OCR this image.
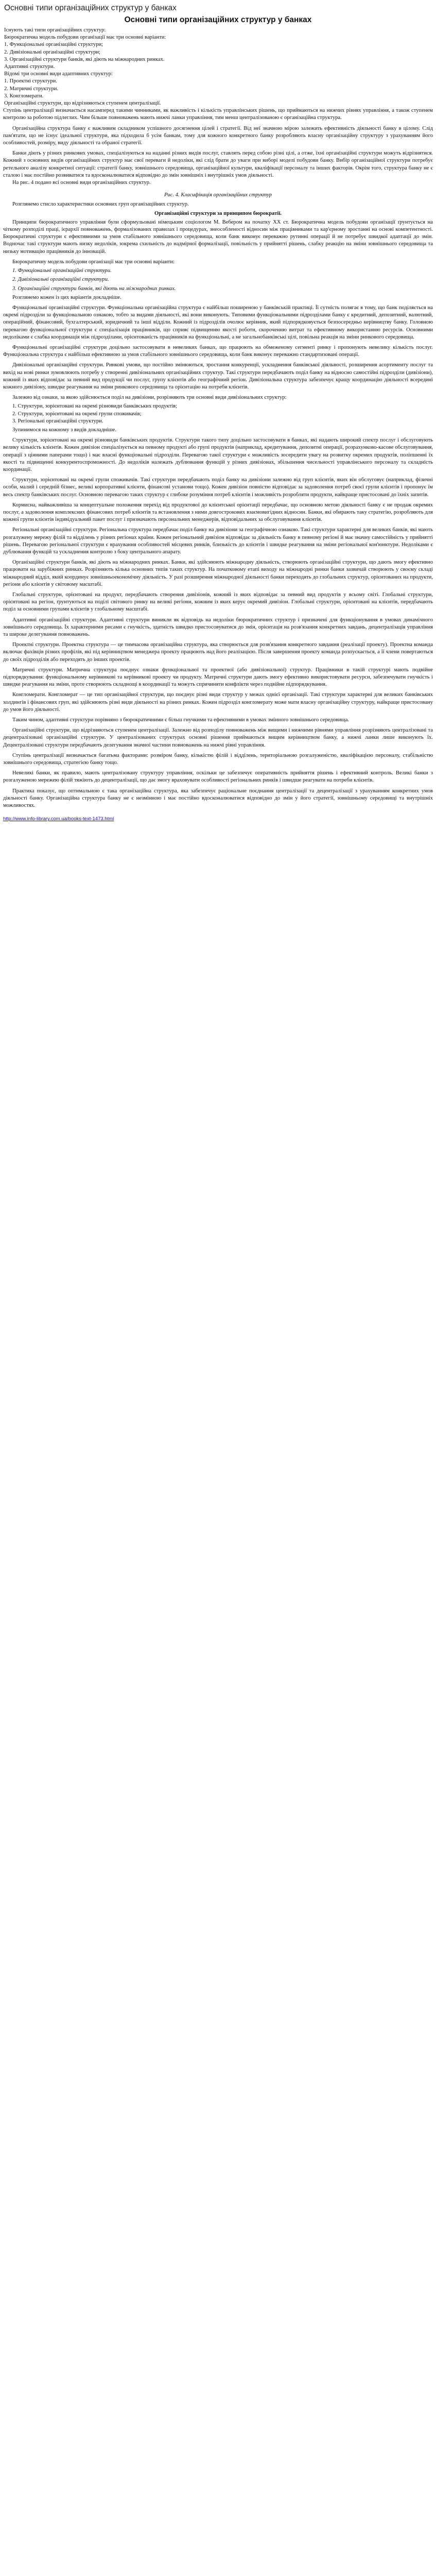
Основні типи організаційних структур у банках
Основні типи організаційних структур у банках

Існують такі типи організаційних структур:

Бюрократична модель побудови організації має три основні варіанти:

1. Функціональні організаційні структури;

2. Дивізіональні організаційні структури;

3. Організаційні структури банків, які діють на міжнародних ринках.

Адаптивні структури.

Відомі три основні види адаптивних структур:

1. Проектні структури.

2. Матричні структури.

3. Конгломерати.

Організаційні структури, що відрізняються ступенем централізації.

Ступінь централізації визначається насамперед такими чинниками, як важливість і кількість управлінських рішень, що приймаються на нижчих рівнях управління, а також ступенем контролю за роботою підлеглих. Чим більше повноважень мають нижчі ланки управління, тим менш централізованою є організаційна структура.

Організаційна структура банку є важливим складником успішного досягнення цілей і стратегії. Від неї значною мірою залежить ефективність діяльності банку в цілому. Слід пам'ятати, що не існує ідеальної структури, яка підходила б усім банкам, тому для кожного конкретного банку розробляють власну організаційну структуру з урахуванням його особливостей, розміру, виду діяльності та обраної стратегії.

Банки діють у різних ринкових умовах, спеціалізуються на наданні різних видів послуг, ставлять перед собою різні цілі, а отже, їхні організаційні структури можуть відрізнятися. Кожний з основних видів організаційних структур має свої переваги й недоліки, які слід брати до уваги при виборі моделі побудови банку. Вибір організаційної структури потребує ретельного аналізу конкретної ситуації: стратегії банку, зовнішнього середовища, організаційної культури, кваліфікації персоналу та інших факторів. Окрім того, структура банку не є сталою і має постійно розвиватися та вдосконалюватися відповідно до змін зовнішніх і внутрішніх умов діяльності.

На рис. 4 подано всі основні види організаційних структур.

Рис. 4. Класифікація організаційних структур

Розглянемо стисло характеристики основних груп організаційних структур.

Організаційні структури за принципом бюрократії.

Принципи бюрократичного управління були сформульовані німецьким соціологом М. Вебером на початку XX ст. Бюрократична модель побудови організації ґрунтується на чіткому розподілі праці, ієрархії повноважень, формалізованих правилах і процедурах, знеособленості відносин між працівниками та кар'єрному зростанні на основі компетентності. Бюрократичні структури є ефективними за умов стабільного зовнішнього середовища, коли банк виконує переважно рутинні операції й не потребує швидкої адаптації до змін. Водночас такі структури мають низку недоліків, зокрема схильність до надмірної формалізації, повільність у прийнятті рішень, слабку реакцію на зміни зовнішнього середовища та низьку мотивацію працівників до інновацій.

Бюрократичну модель побудови організації має три основні варіанти:

1. Функціональні організаційні структури.

2. Дивізіональні організаційні структури.

3. Організаційні структури банків, які діють на міжнародних ринках.

Розглянемо кожен із цих варіантів докладніше.

Функціональні організаційні структури. Функціональна організаційна структура є найбільш поширеною у банківській практиці. Її сутність полягає в тому, що банк поділяється на окремі підрозділи за функціональною ознакою, тобто за видами діяльності, які вони виконують. Типовими функціональними підрозділами банку є кредитний, депозитний, валютний, операційний, фінансовий, бухгалтерський, юридичний та інші відділи. Кожний із підрозділів очолює керівник, який підпорядковується безпосередньо керівництву банку. Головною перевагою функціональної структури є спеціалізація працівників, що сприяє підвищенню якості роботи, скороченню витрат та ефективному використанню ресурсів. Основними недоліками є слабка координація між підрозділами, орієнтованість працівників на функціональні, а не загальнобанківські цілі, повільна реакція на зміни ринкового середовища.

Функціональні організаційні структури доцільно застосовувати в невеликих банках, що працюють на обмеженому сегменті ринку і пропонують невелику кількість послуг. Функціональна структура є найбільш ефективною за умов стабільного зовнішнього середовища, коли банк виконує переважно стандартизовані операції.

Дивізіональні організаційні структури. Ринкові умови, що постійно змінюються, зростання конкуренції, ускладнення банківської діяльності, розширення асортименту послуг та вихід на нові ринки зумовлюють потребу у створенні дивізіональних організаційних структур. Такі структури передбачають поділ банку на відносно самостійні підрозділи (дивізіони), кожний із яких відповідає за певний вид продукції чи послуг, групу клієнтів або географічний регіон. Дивізіональна структура забезпечує кращу координацію діяльності всередині кожного дивізіону, швидке реагування на зміни ринкового середовища та орієнтацію на потреби клієнтів.

Залежно від ознаки, за якою здійснюється поділ на дивізіони, розрізняють три основні види дивізіональних структур:

1. Структури, зорієнтовані на окремі різновиди банківських продуктів;

2. Структури, зорієнтовані на окремі групи споживачів;

3. Регіональні організаційні структури.

Зупинимося на кожному з видів докладніше.

Структури, зорієнтовані на окремі різновиди банківських продуктів. Структури такого типу доцільно застосовувати в банках, які надають широкий спектр послуг і обслуговують велику кількість клієнтів. Кожен дивізіон спеціалізується на певному продукті або групі продуктів (наприклад, кредитування, депозитні операції, розрахунково-касове обслуговування, операції з цінними паперами тощо) і має власні функціональні підрозділи. Перевагою такої структури є можливість зосередити увагу на розвитку окремих продуктів, поліпшенні їх якості та підвищенні конкурентоспроможності. До недоліків належать дублювання функцій у різних дивізіонах, збільшення чисельності управлінського персоналу та складність координації.

Структури, зорієнтовані на окремі групи споживачів. Такі структури передбачають поділ банку на дивізіони залежно від груп клієнтів, яких він обслуговує (наприклад, фізичні особи, малий і середній бізнес, великі корпоративні клієнти, фінансові установи тощо). Кожен дивізіон повністю відповідає за задоволення потреб своєї групи клієнтів і пропонує їм весь спектр банківських послуг. Основною перевагою таких структур є глибоке розуміння потреб клієнтів і можливість розробляти продукти, найкраще пристосовані до їхніх запитів.

Кормисна, найважливіша за концептуальне положення перехід від продуктової до клієнтської орієнтації передбачає, що основною метою діяльності банку є не продаж окремих послуг, а задоволення комплексних фінансових потреб клієнтів та встановлення з ними довгострокових взаємовигідних відносин. Банки, які обирають таку стратегію, розробляють для кожної групи клієнтів індивідуальний пакет послуг і призначають персональних менеджерів, відповідальних за обслуговування клієнтів.

Регіональні організаційні структури. Регіональна структура передбачає поділ банку на дивізіони за географічною ознакою. Такі структури характерні для великих банків, які мають розгалужену мережу філій та відділень у різних регіонах країни. Кожен регіональний дивізіон відповідає за діяльність банку в певному регіоні й має значну самостійність у прийнятті рішень. Перевагою регіональної структури є врахування особливостей місцевих ринків, близькість до клієнтів і швидке реагування на зміни регіональної кон'юнктури. Недоліками є дублювання функцій та ускладнення контролю з боку центрального апарату.

Організаційні структури банків, які діють на міжнародних ринках. Банки, які здійснюють міжнародну діяльність, створюють організаційні структури, що дають змогу ефективно працювати на зарубіжних ринках. Розрізняють кілька основних типів таких структур. На початковому етапі виходу на міжнародні ринки банки зазвичай створюють у своєму складі міжнародний відділ, який координує зовнішньоекономічну діяльність. У разі розширення міжнародної діяльності банки переходять до глобальних структур, орієнтованих на продукти, регіони або клієнтів у світовому масштабі.

Глобальні структури, орієнтовані на продукт, передбачають створення дивізіонів, кожний із яких відповідає за певний вид продуктів у всьому світі. Глобальні структури, орієнтовані на регіон, ґрунтуються на поділі світового ринку на великі регіони, кожним із яких керує окремий дивізіон. Глобальні структури, орієнтовані на клієнтів, передбачають поділ за основними групами клієнтів у глобальному масштабі.

Адаптивні організаційні структури. Адаптивні структури виникли як відповідь на недоліки бюрократичних структур і призначені для функціонування в умовах динамічного зовнішнього середовища. Їх характерними рисами є гнучкість, здатність швидко пристосовуватися до змін, орієнтація на розв'язання конкретних завдань, децентралізація управління та широке делегування повноважень.

Проектні структури. Проектна структура — це тимчасова організаційна структура, яка створюється для розв'язання конкретного завдання (реалізації проекту). Проектна команда включає фахівців різних профілів, які під керівництвом менеджера проекту працюють над його реалізацією. Після завершення проекту команда розпускається, а її члени повертаються до своїх підрозділів або переходять до інших проектів.

Матричні структури. Матрична структура поєднує ознаки функціональної та проектної (або дивізіональної) структур. Працівники в такій структурі мають подвійне підпорядкування: функціональному керівникові та керівникові проекту чи продукту. Матричні структури дають змогу ефективно використовувати ресурси, забезпечувати гнучкість і швидке реагування на зміни, проте створюють складнощі в координації та можуть спричиняти конфлікти через подвійне підпорядкування.

Конгломерати. Конгломерат — це тип організаційної структури, що поєднує різні види структур у межах однієї організації. Такі структури характерні для великих банківських холдингів і фінансових груп, які здійснюють різні види діяльності на різних ринках. Кожен підрозділ конгломерату може мати власну організаційну структуру, найкраще пристосовану до умов його діяльності.

Таким чином, адаптивні структури порівняно з бюрократичними є більш гнучкими та ефективними в умовах змінного зовнішнього середовища.

Організаційні структури, що відрізняються ступенем централізації. Залежно від розподілу повноважень між вищими і нижчими рівнями управління розрізняють централізовані та децентралізовані організаційні структури. У централізованих структурах основні рішення приймаються вищим керівництвом банку, а нижчі ланки лише виконують їх. Децентралізовані структури передбачають делегування значної частини повноважень на нижчі рівні управління.

Ступінь централізації визначається багатьма факторами: розміром банку, кількістю філій і відділень, територіальною розгалуженістю, кваліфікацією персоналу, стабільністю зовнішнього середовища, стратегією банку тощо.

Невеликі банки, як правило, мають централізовану структуру управління, оскільки це забезпечує оперативність прийняття рішень і ефективний контроль. Великі банки з розгалуженою мережею філій тяжіють до децентралізації, що дає змогу враховувати особливості регіональних ринків і швидше реагувати на потреби клієнтів.

Практика показує, що оптимальною є така організаційна структура, яка забезпечує раціональне поєднання централізації та децентралізації з урахуванням конкретних умов діяльності банку. Організаційна структура банку не є незмінною і має постійно вдосконалюватися відповідно до змін у його стратегії, зовнішньому середовищі та внутрішніх можливостях.

http://www.info-library.com.ua/books-text-1473.html
